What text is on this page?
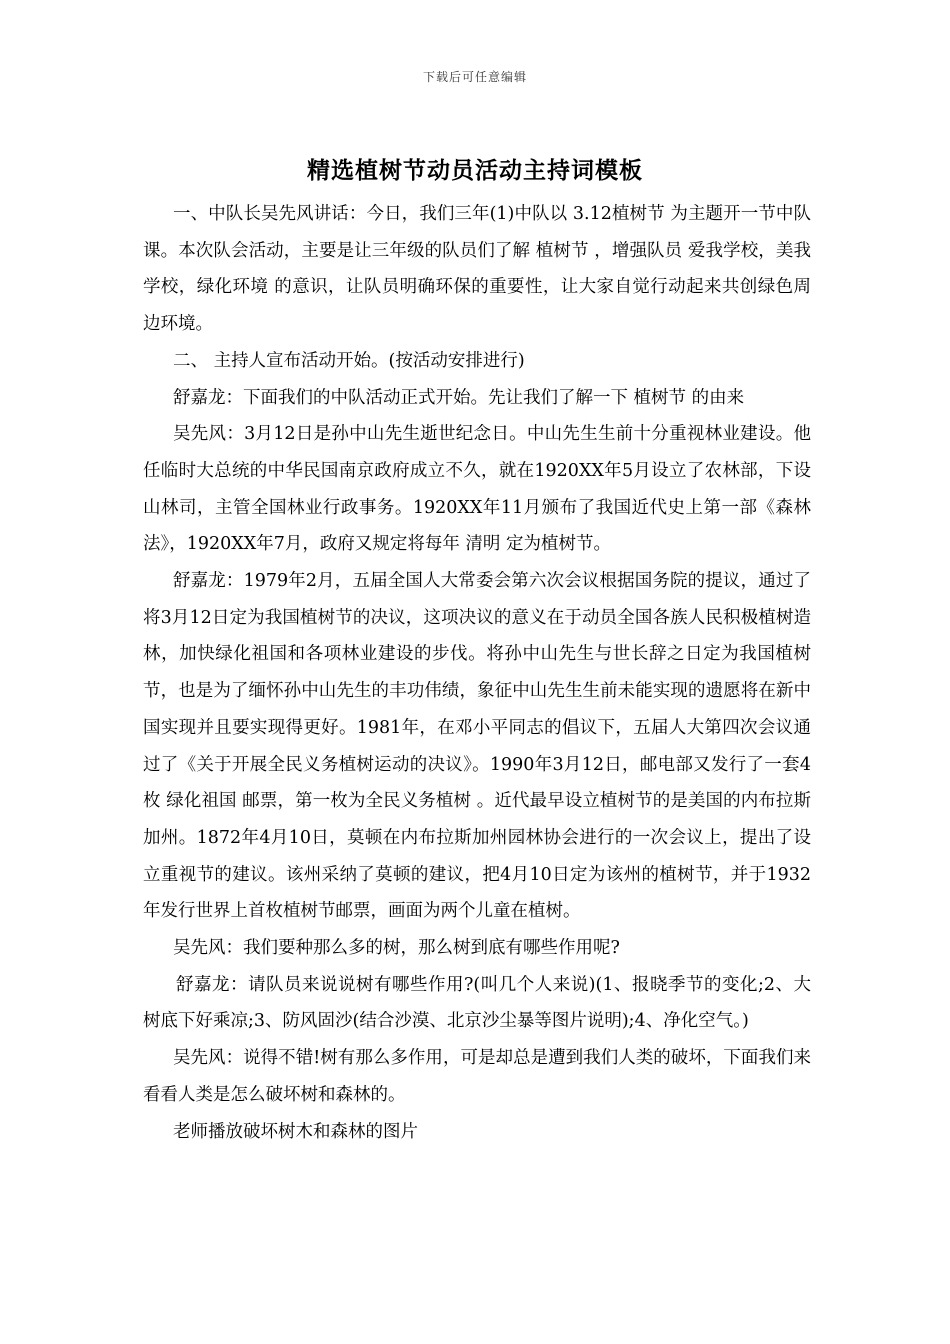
下载后可任意编辑
精选植树节动员活动主持词模板

一、中队长吴先风讲话：今日，我们三年(1)中队以 3.12植树节 为主题开一节中队课。本次队会活动，主要是让三年级的队员们了解 植树节 ，增强队员 爱我学校，美我学校，绿化环境 的意识，让队员明确环保的重要性，让大家自觉行动起来共创绿色周边环境。

二、 主持人宣布活动开始。(按活动安排进行)

舒嘉龙：下面我们的中队活动正式开始。先让我们了解一下 植树节 的由来

吴先风：3月12日是孙中山先生逝世纪念日。中山先生生前十分重视林业建设。他任临时大总统的中华民国南京政府成立不久，就在1920XX年5月设立了农林部，下设山林司，主管全国林业行政事务。1920XX年11月颁布了我国近代史上第一部《森林法》，1920XX年7月，政府又规定将每年 清明 定为植树节。

舒嘉龙：1979年2月，五届全国人大常委会第六次会议根据国务院的提议，通过了将3月12日定为我国植树节的决议，这项决议的意义在于动员全国各族人民积极植树造林，加快绿化祖国和各项林业建设的步伐。将孙中山先生与世长辞之日定为我国植树节，也是为了缅怀孙中山先生的丰功伟绩，象征中山先生生前未能实现的遗愿将在新中国实现并且要实现得更好。1981年，在邓小平同志的倡议下，五届人大第四次会议通过了《关于开展全民义务植树运动的决议》。1990年3月12日，邮电部又发行了一套4枚 绿化祖国 邮票，第一枚为全民义务植树 。近代最早设立植树节的是美国的内布拉斯加州。1872年4月10日，莫顿在内布拉斯加州园林协会进行的一次会议上，提出了设立重视节的建议。该州采纳了莫顿的建议，把4月10日定为该州的植树节，并于1932年发行世界上首枚植树节邮票，画面为两个儿童在植树。

吴先风：我们要种那么多的树，那么树到底有哪些作用呢?

舒嘉龙：请队员来说说树有哪些作用?(叫几个人来说)(1、报晓季节的变化;2、大树底下好乘凉;3、防风固沙(结合沙漠、北京沙尘暴等图片说明);4、净化空气。)

吴先风：说得不错!树有那么多作用，可是却总是遭到我们人类的破坏，下面我们来看看人类是怎么破坏树和森林的。

老师播放破坏树木和森林的图片
